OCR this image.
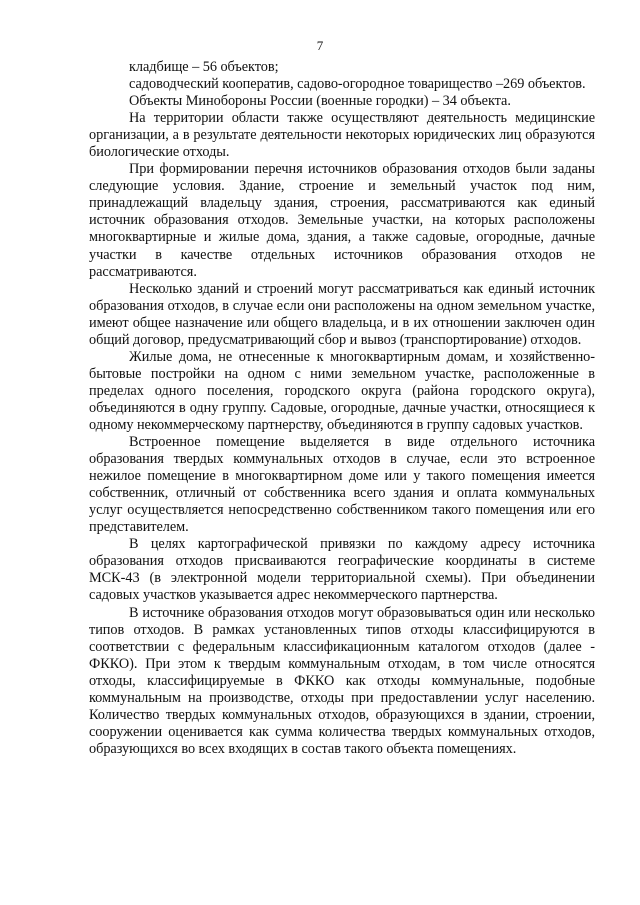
7

кладбище – 56 объектов;

садоводческий кооператив, садово-огородное товарищество –269 объектов.

Объекты Минобороны России (военные городки) – 34 объекта.

На территории области также осуществляют деятельность медицинские организации, а в результате деятельности некоторых юридических лиц образуются биологические отходы.

При формировании перечня источников образования отходов были заданы следующие условия. Здание, строение и земельный участок под ним, принадлежащий владельцу здания, строения, рассматриваются как единый источник образования отходов. Земельные участки, на которых расположены многоквартирные и жилые дома, здания, а также садовые, огородные, дачные участки в качестве отдельных источников образования отходов не рассматриваются.

Несколько зданий и строений могут рассматриваться как единый источник образования отходов, в случае если они расположены на одном земельном участке, имеют общее назначение или общего владельца, и в их отношении заключен один общий договор, предусматривающий сбор и вывоз (транспортирование) отходов.

Жилые дома, не отнесенные к многоквартирным домам, и хозяйственно-бытовые постройки на одном с ними земельном участке, расположенные в пределах одного поселения, городского округа (района городского округа), объединяются в одну группу. Садовые, огородные, дачные участки, относящиеся к одному некоммерческому партнерству, объединяются в группу садовых участков.

Встроенное помещение выделяется в виде отдельного источника образования твердых коммунальных отходов в случае, если это встроенное нежилое помещение в многоквартирном доме или у такого помещения имеется собственник, отличный от собственника всего здания и оплата коммунальных услуг осуществляется непосредственно собственником такого помещения или его представителем.

В целях картографической привязки по каждому адресу источника образования отходов присваиваются географические координаты в системе МСК-43 (в электронной модели территориальной схемы). При объединении садовых участков указывается адрес некоммерческого партнерства.

В источнике образования отходов могут образовываться один или несколько типов отходов. В рамках установленных типов отходы классифицируются в соответствии с федеральным классификационным каталогом отходов (далее - ФККО). При этом к твердым коммунальным отходам, в том числе относятся отходы, классифицируемые в ФККО как отходы коммунальные, подобные коммунальным на производстве, отходы при предоставлении услуг населению. Количество твердых коммунальных отходов, образующихся в здании, строении, сооружении оценивается как сумма количества твердых коммунальных отходов, образующихся во всех входящих в состав такого объекта помещениях.
